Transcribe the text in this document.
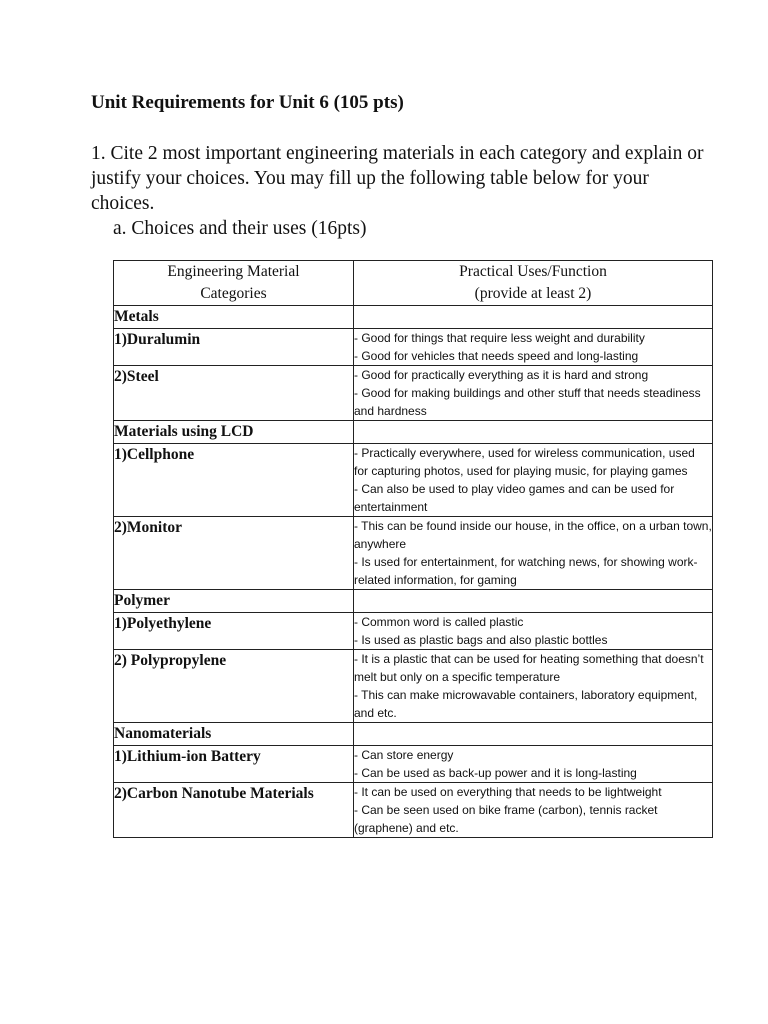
Unit Requirements for Unit 6 (105 pts)

1. Cite 2 most important engineering materials in each category and explain or justify your choices. You may fill up the following table below for your choices.

a. Choices and their uses (16pts)

Engineering Material
Categories	Practical Uses/Function
(provide at least 2)

Metals	
1)Duralumin	- Good for things that require less weight and durability
- Good for vehicles that needs speed and long-lasting

2)Steel	- Good for practically everything as it is hard and strong
- Good for making buildings and other stuff that needs steadiness and hardness

Materials using LCD	
1)Cellphone	- Practically everywhere, used for wireless communication, used for capturing photos, used for playing music, for playing games
- Can also be used to play video games and can be used for entertainment

2)Monitor	- This can be found inside our house, in the office, on a urban town, anywhere
- Is used for entertainment, for watching news, for showing work-related information, for gaming

Polymer	
1)Polyethylene	- Common word is called plastic
- Is used as plastic bags and also plastic bottles

2) Polypropylene	- It is a plastic that can be used for heating something that doesn’t melt but only on a specific temperature
- This can make microwavable containers, laboratory equipment, and etc.

Nanomaterials	
1)Lithium-ion Battery	- Can store energy
- Can be used as back-up power and it is long-lasting

2)Carbon Nanotube Materials	- It can be used on everything that needs to be lightweight
- Can be seen used on bike frame (carbon), tennis racket (graphene) and etc.
